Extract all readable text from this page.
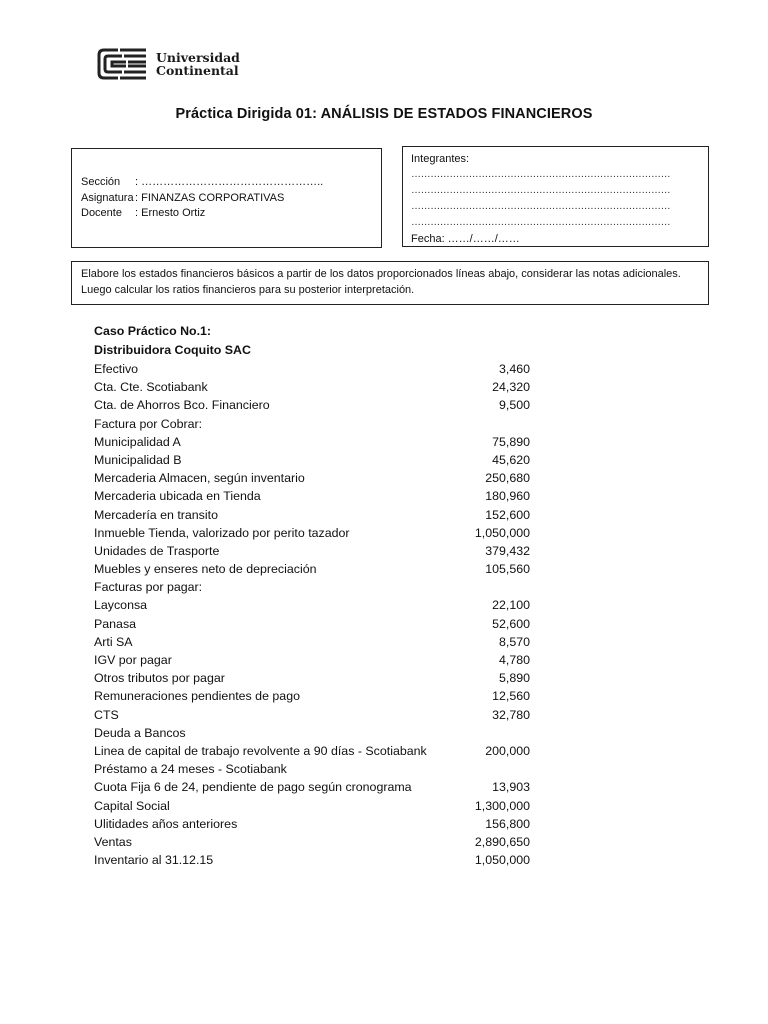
Universidad
Continental
Práctica Dirigida 01: ANÁLISIS DE ESTADOS FINANCIEROS
Sección	: …………………………………………..
Asignatura : FINANZAS CORPORATIVAS
Docente	: Ernesto Ortiz
Integrantes:
………………………………………………………………………
………………………………………………………………………
………………………………………………………………………
………………………………………………………………………
Fecha: ……/……/……
Elabore los estados financieros básicos a partir de los datos proporcionados líneas abajo, considerar las notas adicionales. Luego calcular los ratios financieros para su posterior interpretación.
Caso Práctico No.1:
Distribuidora Coquito SAC
Efectivo	3,460
Cta. Cte. Scotiabank	24,320
Cta. de Ahorros Bco. Financiero	9,500
Factura por Cobrar:
Municipalidad A	75,890
Municipalidad B	45,620
Mercaderia Almacen, según inventario	250,680
Mercaderia ubicada en Tienda	180,960
Mercadería en transito	152,600
Inmueble Tienda, valorizado por perito tazador	1,050,000
Unidades de Trasporte	379,432
Muebles y enseres neto de depreciación	105,560
Facturas por pagar:
Layconsa	22,100
Panasa	52,600
Arti SA	8,570
IGV por pagar	4,780
Otros tributos por pagar	5,890
Remuneraciones pendientes de pago	12,560
CTS	32,780
Deuda a Bancos
Linea de capital de trabajo revolvente a 90 días - Scotiabank	200,000
Préstamo a 24 meses - Scotiabank
Cuota Fija 6 de 24, pendiente de pago según cronograma	13,903
Capital Social	1,300,000
Ulitidades años anteriores	156,800
Ventas	2,890,650
Inventario al 31.12.15	1,050,000
